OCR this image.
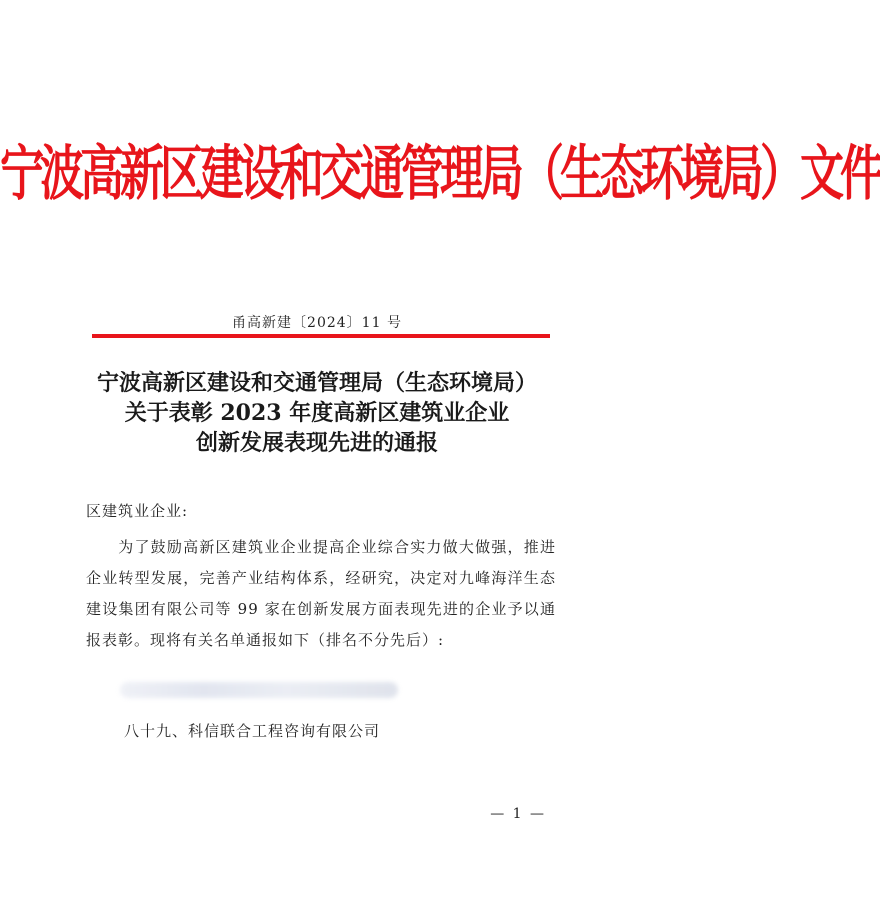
宁波高新区建设和交通管理局（生态环境局）文件
甬高新建〔2024〕11 号
宁波高新区建设和交通管理局（生态环境局）
关于表彰 2023 年度高新区建筑业企业
创新发展表现先进的通报
区建筑业企业:
为了鼓励高新区建筑业企业提高企业综合实力做大做强，推进企业转型发展，完善产业结构体系，经研究，决定对九峰海洋生态建设集团有限公司等 99 家在创新发展方面表现先进的企业予以通报表彰。现将有关名单通报如下（排名不分先后）:
八十九、科信联合工程咨询有限公司
— 1 —
